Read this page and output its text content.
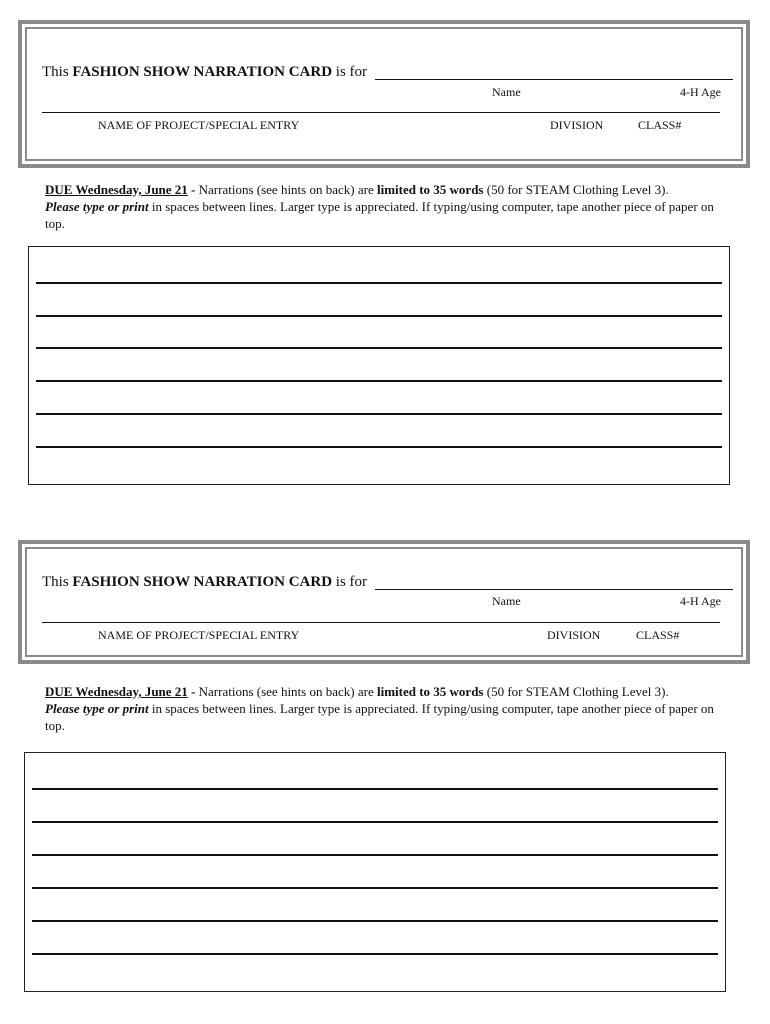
This FASHION SHOW NARRATION CARD is for
Name	4-H Age
NAME OF PROJECT/SPECIAL ENTRY	DIVISION	CLASS#
DUE Wednesday, June 21 - Narrations (see hints on back) are limited to 35 words (50 for STEAM Clothing Level 3).
Please type or print in spaces between lines. Larger type is appreciated. If typing/using computer, tape another piece of paper on top.
This FASHION SHOW NARRATION CARD is for
Name	4-H Age
NAME OF PROJECT/SPECIAL ENTRY	DIVISION	CLASS#
DUE Wednesday, June 21 - Narrations (see hints on back) are limited to 35 words (50 for STEAM Clothing Level 3).
Please type or print in spaces between lines. Larger type is appreciated. If typing/using computer, tape another piece of paper on top.
